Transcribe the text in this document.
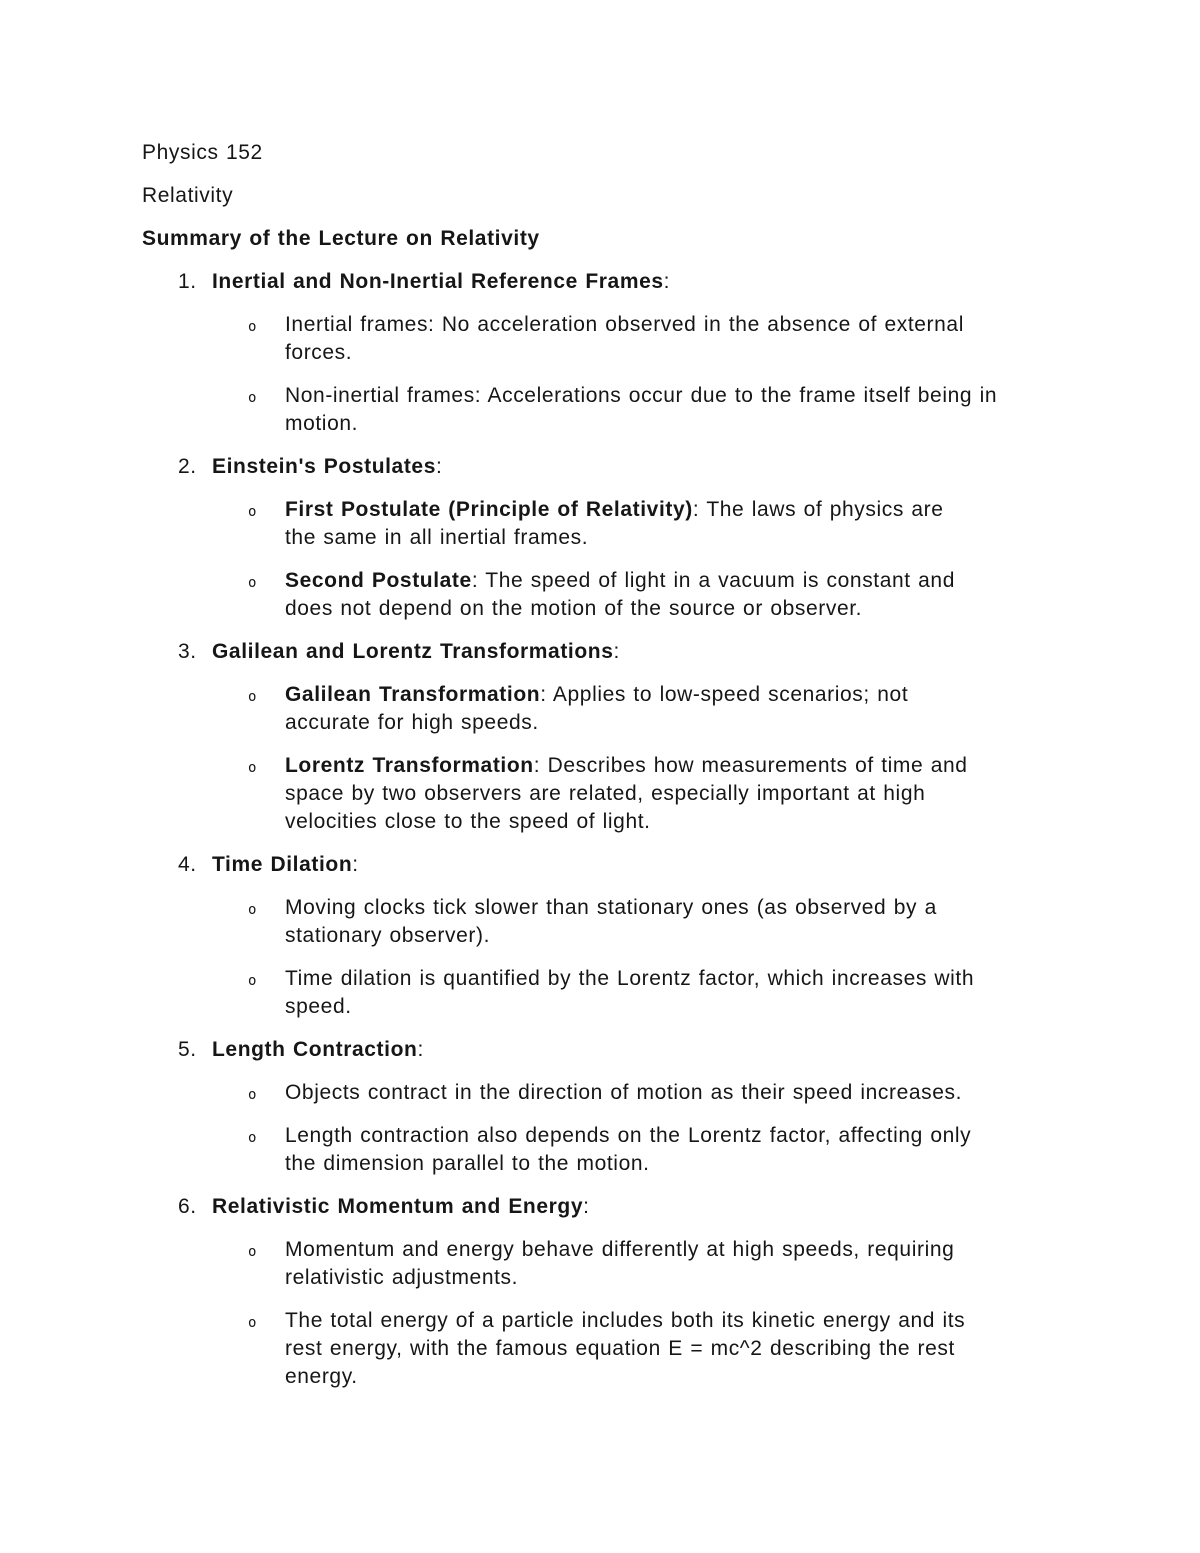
Physics 152

Relativity

Summary of the Lecture on Relativity

1. Inertial and Non-Inertial Reference Frames:
o Inertial frames: No acceleration observed in the absence of external
forces.
o Non-inertial frames: Accelerations occur due to the frame itself being in
motion.
2. Einstein's Postulates:
o First Postulate (Principle of Relativity): The laws of physics are
the same in all inertial frames.
o Second Postulate: The speed of light in a vacuum is constant and
does not depend on the motion of the source or observer.
3. Galilean and Lorentz Transformations:
o Galilean Transformation: Applies to low-speed scenarios; not
accurate for high speeds.
o Lorentz Transformation: Describes how measurements of time and
space by two observers are related, especially important at high
velocities close to the speed of light.
4. Time Dilation:
o Moving clocks tick slower than stationary ones (as observed by a
stationary observer).
o Time dilation is quantified by the Lorentz factor, which increases with
speed.
5. Length Contraction:
o Objects contract in the direction of motion as their speed increases.
o Length contraction also depends on the Lorentz factor, affecting only
the dimension parallel to the motion.
6. Relativistic Momentum and Energy:
o Momentum and energy behave differently at high speeds, requiring
relativistic adjustments.
o The total energy of a particle includes both its kinetic energy and its
rest energy, with the famous equation E = mc^2 describing the rest
energy.
